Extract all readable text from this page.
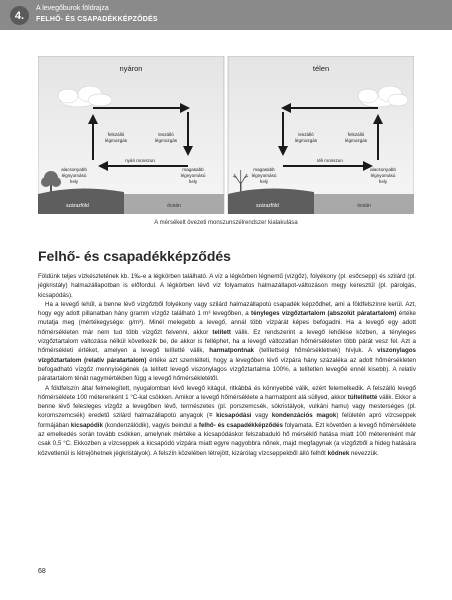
4.
A levegőburok földrajza
FELHŐ- ÉS CSAPADÉKKÉPZŐDÉS
nyáron
felszálló
légmozgás
leszálló
légmozgás
nyári monszun
alacsonyabb
légnyomású
hely
magasabb
légnyomású
hely
szárazföld	óceán
télen
leszálló
légmozgás
felszálló
légmozgás
téli monszun
magasabb
légnyomású
hely
alacsonyabb
légnyomású
hely
szárazföld	óceán
A mérsékelt övezeti monszunszélrendszer kialakulása
Felhő- és csapadékképződés

Földünk teljes vízkészletének kb. 1‰-e a légkörben található. A víz a légkörben légnemű (vízgőz), folyékony (pl. esőcsepp) és szilárd (pl. jégkristály) halmazállapotban is előfordul. A légkörben lévő víz folyamatos halmazállapot-változáson megy keresztül (pl. párolgás, kicsapódás).

Ha a levegő lehűl, a benne lévő vízgőzből folyékony vagy szilárd halmazállapotú csapadék képződhet, ami a földfelszínre kerül. Azt, hogy egy adott pillanatban hány gramm vízgőz található 1 m³ levegőben, a tényleges vízgőztartalom (abszolút páratartalom) értéke mutatja meg (mértékegysége: g/m³). Minél melegebb a levegő, annál több vízpárát képes befogadni. Ha a levegő egy adott hőmérsékleten már nem tud több vízgőzt felvenni, akkor telített válik. Ez rendszerint a levegő lehűlése közben, a tényleges vízgőztartalom változása nélkül következik be, de akkor is felléphet, ha a levegő változatlan hőmérsékleten több párát vesz fel. Azt a hőmérsékleti értéket, amelyen a levegő telítetté válik, harmatpontnak (telítettségi hőmérsékletnek) hívjuk. A viszonylagos vízgőztartalom (relatív páratartalom) értéke azt szemlélteti, hogy a levegőben lévő vízpára hány százaléka az adott hőmérsékleten befogadható vízgőz mennyiségének (a telített levegő viszonylagos vízgőztartalma 100%, a telítetlen levegőé ennél kisebb). A relatív páratartalom ténát nagymértékben függ a levegő hőmérsékletétől.

A földfelszín által felmelegített, nyugalomban lévő levegő kitágul, ritkábbá és könnyebbé válik, ezért felemelkedik. A felszálló levegő hőmérséklete 100 méterenként 1 °C-kal csökken. Amikor a levegő hőmérséklete a harmatpont alá süllyed, akkor túltelítetté válik. Ekkor a benne lévő felesleges vízgőz a levegőben lévő, természetes (pl. porszemcsék, sókristályok, vulkáni hamu) vagy mesterséges (pl. koromszemcsék) eredetű szilárd halmazállapotú anyagok (= kicsapódási vagy kondenzációs magok) felületén apró vízcseppek formájában kicsapódik (kondenzálódik), vagyis beindul a felhő- és csapadékképződés folyamata. Ezt követően a levegő hőmérséklete az emelkedés során tovább csökken, amelynek mértéke a kicsapódáskor felszabaduló hő mérséklő hatása miatt 100 méterenként már csak 0,5 °C. Ekkozben a vízcseppek a kicsapódó vízpára miatt egyre nagyobbra nőnek, majd megfagynak (a vízgőzből a hideg hatására közvetlenül is létrejöhetnek jégkristályok). A felszín közelében létrejött, kizárólag vízcseppekből álló felhőt ködnek nevezzük.

68
